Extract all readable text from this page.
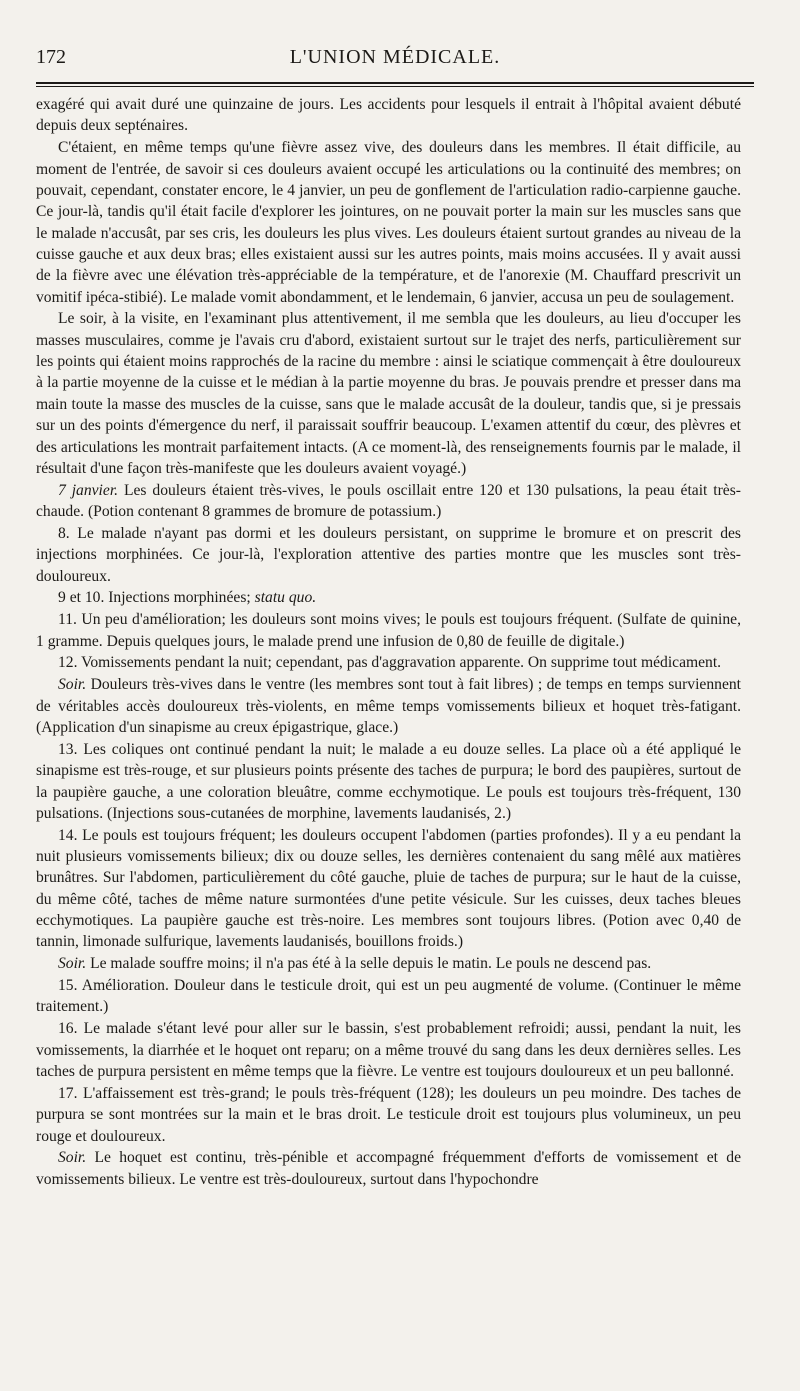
172	L'UNION MÉDICALE.

exagéré qui avait duré une quinzaine de jours. Les accidents pour lesquels il entrait à l'hôpital avaient débuté depuis deux septénaires.

C'étaient, en même temps qu'une fièvre assez vive, des douleurs dans les membres. Il était difficile, au moment de l'entrée, de savoir si ces douleurs avaient occupé les articulations ou la continuité des membres; on pouvait, cependant, constater encore, le 4 janvier, un peu de gonflement de l'articulation radio-carpienne gauche. Ce jour-là, tandis qu'il était facile d'explorer les jointures, on ne pouvait porter la main sur les muscles sans que le malade n'accusât, par ses cris, les douleurs les plus vives. Les douleurs étaient surtout grandes au niveau de la cuisse gauche et aux deux bras; elles existaient aussi sur les autres points, mais moins accusées. Il y avait aussi de la fièvre avec une élévation très-appréciable de la température, et de l'anorexie (M. Chauffard prescrivit un vomitif ipéca-stibié). Le malade vomit abondamment, et le lendemain, 6 janvier, accusa un peu de soulagement.

Le soir, à la visite, en l'examinant plus attentivement, il me sembla que les douleurs, au lieu d'occuper les masses musculaires, comme je l'avais cru d'abord, existaient surtout sur le trajet des nerfs, particulièrement sur les points qui étaient moins rapprochés de la racine du membre : ainsi le sciatique commençait à être douloureux à la partie moyenne de la cuisse et le médian à la partie moyenne du bras. Je pouvais prendre et presser dans ma main toute la masse des muscles de la cuisse, sans que le malade accusât de la douleur, tandis que, si je pressais sur un des points d'émergence du nerf, il paraissait souffrir beaucoup. L'examen attentif du cœur, des plèvres et des articulations les montrait parfaitement intacts. (A ce moment-là, des renseignements fournis par le malade, il résultait d'une façon très-manifeste que les douleurs avaient voyagé.)

7 janvier. Les douleurs étaient très-vives, le pouls oscillait entre 120 et 130 pulsations, la peau était très-chaude. (Potion contenant 8 grammes de bromure de potassium.)

8. Le malade n'ayant pas dormi et les douleurs persistant, on supprime le bromure et on prescrit des injections morphinées. Ce jour-là, l'exploration attentive des parties montre que les muscles sont très-douloureux.

9 et 10. Injections morphinées; statu quo.

11. Un peu d'amélioration; les douleurs sont moins vives; le pouls est toujours fréquent. (Sulfate de quinine, 1 gramme. Depuis quelques jours, le malade prend une infusion de 0,80 de feuille de digitale.)

12. Vomissements pendant la nuit; cependant, pas d'aggravation apparente. On supprime tout médicament.

Soir. Douleurs très-vives dans le ventre (les membres sont tout à fait libres) ; de temps en temps surviennent de véritables accès douloureux très-violents, en même temps vomissements bilieux et hoquet très-fatigant. (Application d'un sinapisme au creux épigastrique, glace.)

13. Les coliques ont continué pendant la nuit; le malade a eu douze selles. La place où a été appliqué le sinapisme est très-rouge, et sur plusieurs points présente des taches de purpura; le bord des paupières, surtout de la paupière gauche, a une coloration bleuâtre, comme ecchymotique. Le pouls est toujours très-fréquent, 130 pulsations. (Injections sous-cutanées de morphine, lavements laudanisés, 2.)

14. Le pouls est toujours fréquent; les douleurs occupent l'abdomen (parties profondes). Il y a eu pendant la nuit plusieurs vomissements bilieux; dix ou douze selles, les dernières contenaient du sang mêlé aux matières brunâtres. Sur l'abdomen, particulièrement du côté gauche, pluie de taches de purpura; sur le haut de la cuisse, du même côté, taches de même nature surmontées d'une petite vésicule. Sur les cuisses, deux taches bleues ecchymotiques. La paupière gauche est très-noire. Les membres sont toujours libres. (Potion avec 0,40 de tannin, limonade sulfurique, lavements laudanisés, bouillons froids.)

Soir. Le malade souffre moins; il n'a pas été à la selle depuis le matin. Le pouls ne descend pas.

15. Amélioration. Douleur dans le testicule droit, qui est un peu augmenté de volume. (Continuer le même traitement.)

16. Le malade s'étant levé pour aller sur le bassin, s'est probablement refroidi; aussi, pendant la nuit, les vomissements, la diarrhée et le hoquet ont reparu; on a même trouvé du sang dans les deux dernières selles. Les taches de purpura persistent en même temps que la fièvre. Le ventre est toujours douloureux et un peu ballonné.

17. L'affaissement est très-grand; le pouls très-fréquent (128); les douleurs un peu moindre. Des taches de purpura se sont montrées sur la main et le bras droit. Le testicule droit est toujours plus volumineux, un peu rouge et douloureux.

Soir. Le hoquet est continu, très-pénible et accompagné fréquemment d'efforts de vomissement et de vomissements bilieux. Le ventre est très-douloureux, surtout dans l'hypochondre
